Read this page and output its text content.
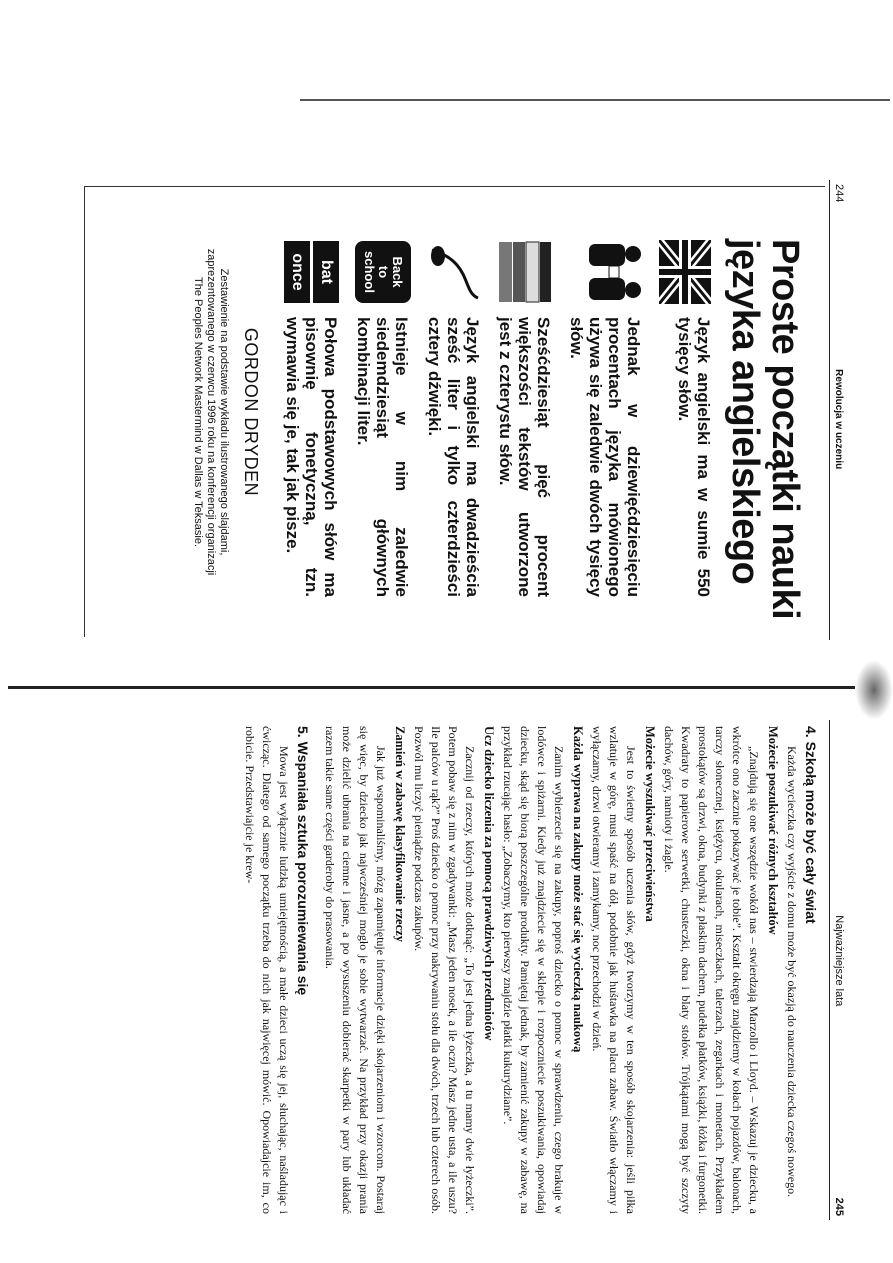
244
Rewolucja w uczeniu
Proste początki nauki
języka angielskiego
Język angielski ma w sumie 550 tysięcy słów.
Jednak w dziewięćdziesięciu procentach języka mówionego używa się zaledwie dwóch tysięcy słów.
Sześćdziesiąt pięć procent większości tekstów utworzone jest z czterystu słów.
Język angielski ma dwadzieścia sześć liter i tylko czterdzieści cztery dźwięki.
Back
to
school
Istnieje w nim zaledwie siedemdziesiąt głównych kombinacji liter.
bat
once
Połowa podstawowych słów ma pisownię fonetyczną, tzn. wymawia się je, tak jak pisze.
GORDON DRYDEN
Zestawienie na podstawie wykładu ilustrowanego slajdami, zaprezentowanego w czerwcu 1996 roku na konferencji organizacji The Peoples Network Mastermind w Dallas w Teksasie.
Najważniejsze lata
245
4. Szkołą może być cały świat

Każda wycieczka czy wyjście z domu może być okazją do nauczenia dziecka czegoś nowego.

Możecie poszukiwać różnych kształtów

„Znajdują się one wszędzie wokół nas – stwierdzają Marzollo i Lloyd. – Wskazuj je dziecku, a wkrótce ono zacznie pokazywać je tobie”. Kształt okręgu znajdziemy w kołach pojazdów, balonach, tarczy słonecznej, księżycu, okularach, miseczkach, talerzach, zegarkach i monetach. Przykładem prostokątów są drzwi, okna, budynki z płaskim dachem, pudełka płatków, książki, łóżka i furgonetki. Kwadraty to papierowe serwetki, chusteczki, okna i blaty stołów. Trójkątami mogą być szczyty dachów, góry, namioty i żagle.

Możecie wyszukiwać przeciwieństwa

Jest to świetny sposób uczenia słów, gdyż tworzymy w ten sposób skojarzenia: jeśli piłka wzlatuje w górę, musi spaść na dół, podobnie jak huśtawka na placu zabaw. Światło włączamy i wyłączamy, drzwi otwieramy i zamykamy, noc przechodzi w dzień.

Każda wyprawa na zakupy może stać się wycieczką naukową

Zanim wybierzecie się na zakupy, poproś dziecko o pomoc w sprawdzeniu, czego brakuje w lodówce i spiżarni. Kiedy już znajdziecie się w sklepie i rozpoczniecie poszukiwania, opowiadaj dziecku, skąd się biorą poszczególne produkty. Pamiętaj jednak, by zamienić zakupy w zabawę, na przykład rzucając hasło: „Zobaczymy, kto pierwszy znajdzie płatki kukurydziane”.

Ucz dziecko liczenia za pomocą prawdziwych przedmiotów

Zacznij od rzeczy, których może dotknąć: „To jest jedna łyżeczka, a tu mamy dwie łyżeczki”. Potem pobaw się z nim w zgadywanki: „Masz jeden nosek, a ile oczu? Masz jedne usta, a ile uszu? Ile palców u rąk?” Proś dziecko o pomoc przy nakrywaniu stołu dla dwóch, trzech lub czterech osób. Pozwól mu liczyć pieniądze podczas zakupów.

Zamień w zabawę klasyfikowanie rzeczy

Jak już wspominaliśmy, mózg zapamiętuje informacje dzięki skojarzeniom i wzorcom. Postaraj się więc, by dziecko jak najwcześniej mogło je sobie wytwarzać. Na przykład przy okazji prania może dzielić ubrania na ciemne i jasne, a po wysuszeniu dobierać skarpetki w pary lub układać razem takie same części garderoby do prasowania.

5. Wspaniała sztuka porozumiewania się

Mowa jest wyłącznie ludzką umiejętnością, a małe dzieci uczą się jej, słuchając, naśladując i ćwicząc. Dlatego od samego początku trzeba do nich jak najwięcej mówić. Opowiadajcie im, co robicie. Przedstawiajcie je krew-
